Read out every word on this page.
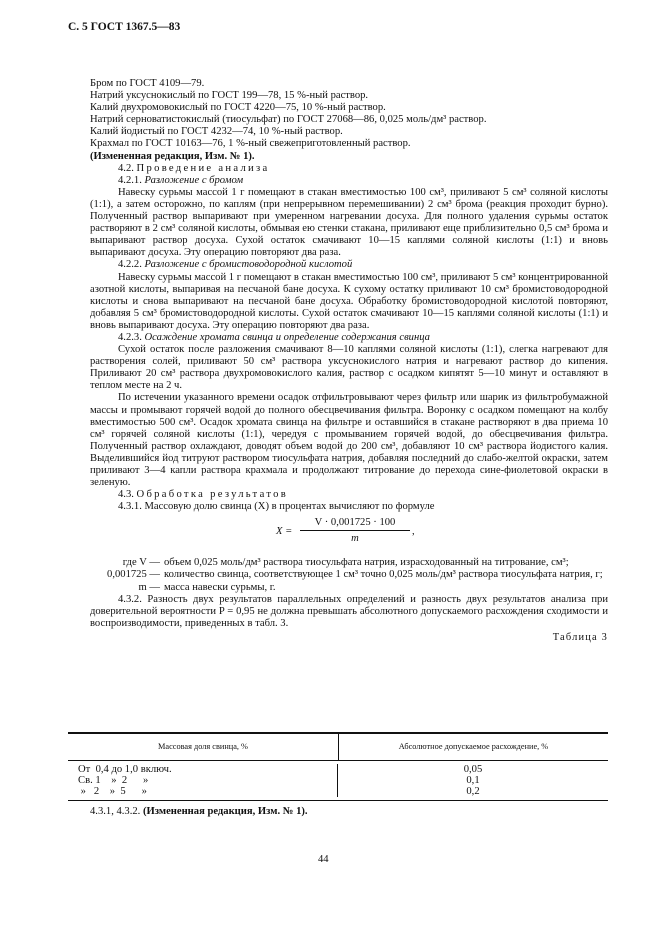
С. 5 ГОСТ 1367.5—83

Бром по ГОСТ 4109—79.

Натрий уксуснокислый по ГОСТ 199—78, 15 %-ный раствор.

Калий двухромовокислый по ГОСТ 4220—75, 10 %-ный раствор.

Натрий серноватистокислый (тиосульфат) по ГОСТ 27068—86, 0,025 моль/дм³ раствор.

Калий йодистый по ГОСТ 4232—74, 10 %-ный раствор.

Крахмал по ГОСТ 10163—76, 1 %-ный свежеприготовленный раствор.

(Измененная редакция, Изм. № 1).

4.2. Проведение анализа

4.2.1. Разложение с бромом

Навеску сурьмы массой 1 г помещают в стакан вместимостью 100 см³, приливают 5 см³ соляной кислоты (1:1), а затем осторожно, по каплям (при непрерывном перемешивании) 2 см³ брома (реакция проходит бурно). Полученный раствор выпаривают при умеренном нагревании досуха. Для полного удаления сурьмы остаток растворяют в 2 см³ соляной кислоты, обмывая ею стенки стакана, приливают еще приблизительно 0,5 см³ брома и выпаривают раствор досуха. Сухой остаток смачивают 10—15 каплями соляной кислоты (1:1) и вновь выпаривают досуха. Эту операцию повторяют два раза.

4.2.2. Разложение с бромистоводородной кислотой

Навеску сурьмы массой 1 г помещают в стакан вместимостью 100 см³, приливают 5 см³ концентрированной азотной кислоты, выпаривая на песчаной бане досуха. К сухому остатку приливают 10 см³ бромистоводородной кислоты и снова выпаривают на песчаной бане досуха. Обработку бромистоводородной кислотой повторяют, добавляя 5 см³ бромистоводородной кислоты. Сухой остаток смачивают 10—15 каплями соляной кислоты (1:1) и вновь выпаривают досуха. Эту операцию повторяют два раза.

4.2.3. Осаждение хромата свинца и определение содержания свинца

Сухой остаток после разложения смачивают 8—10 каплями соляной кислоты (1:1), слегка нагревают для растворения солей, приливают 50 см³ раствора уксуснокислого натрия и нагревают раствор до кипения. Приливают 20 см³ раствора двухромовокислого калия, раствор с осадком кипятят 5—10 минут и оставляют в теплом месте на 2 ч.

По истечении указанного времени осадок отфильтровывают через фильтр или шарик из фильтробумажной массы и промывают горячей водой до полного обесцвечивания фильтра. Воронку с осадком помещают на колбу вместимостью 500 см³. Осадок хромата свинца на фильтре и оставшийся в стакане растворяют в два приема 10 см³ горячей соляной кислоты (1:1), чередуя с промыванием горячей водой, до обесцвечивания фильтра. Полученный раствор охлаждают, доводят объем водой до 200 см³, добавляют 10 см³ раствора йодистого калия. Выделившийся йод титруют раствором тиосульфата натрия, добавляя последний до слабо-желтой окраски, затем приливают 3—4 капли раствора крахмала и продолжают титрование до перехода сине-фиолетовой окраски в зеленую.

4.3. Обработка результатов

4.3.1. Массовую долю свинца (X) в процентах вычисляют по формуле

$X = \frac{V \cdot 0,001725 \cdot 100}{m}$ ,
где V — объем 0,025 моль/дм³ раствора тиосульфата натрия, израсходованный на титрование, см³;
0,001725 — количество свинца, соответствующее 1 см³ точно 0,025 моль/дм³ раствора тиосульфата натрия, г;
m — масса навески сурьмы, г.

4.3.2. Разность двух результатов параллельных определений и разность двух результатов анализа при доверительной вероятности P = 0,95 не должна превышать абсолютного допускаемого расхождения сходимости и воспроизводимости, приведенных в табл. 3.

Таблица 3
Массовая доля свинца, %	Абсолютное допускаемое расхождение, %
От  0,4 до 1,0 включ.
Св. 1    »  2      »
»   2    »  5      »
0,05
0,1
0,2
4.3.1, 4.3.2. (Измененная редакция, Изм. № 1).
44
